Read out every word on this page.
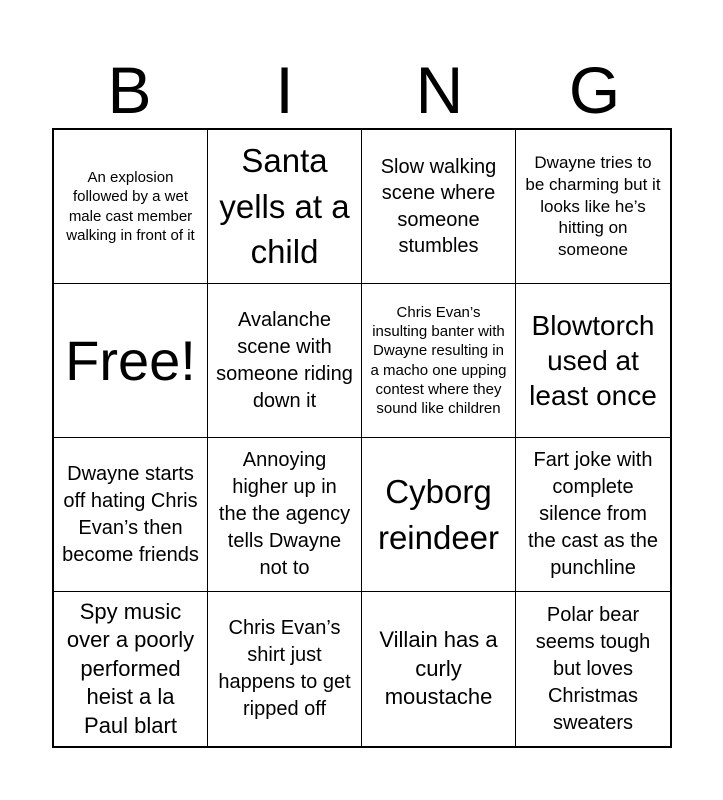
B	I	N	G
An explosion followed by a wet male cast member walking in front of it
Santa yells at a child
Slow walking scene where someone stumbles
Dwayne tries to be charming but it looks like he’s hitting on someone
Free!
Avalanche scene with someone riding down it
Chris Evan’s insulting banter with Dwayne resulting in a macho one upping contest where they sound like children
Blowtorch used at least once
Dwayne starts off hating Chris Evan’s then become friends
Annoying higher up in the the agency tells Dwayne not to
Cyborg reindeer
Fart joke with complete silence from the cast as the punchline
Spy music over a poorly performed heist a la Paul blart
Chris Evan’s shirt just happens to get ripped off
Villain has a curly moustache
Polar bear seems tough but loves Christmas sweaters
